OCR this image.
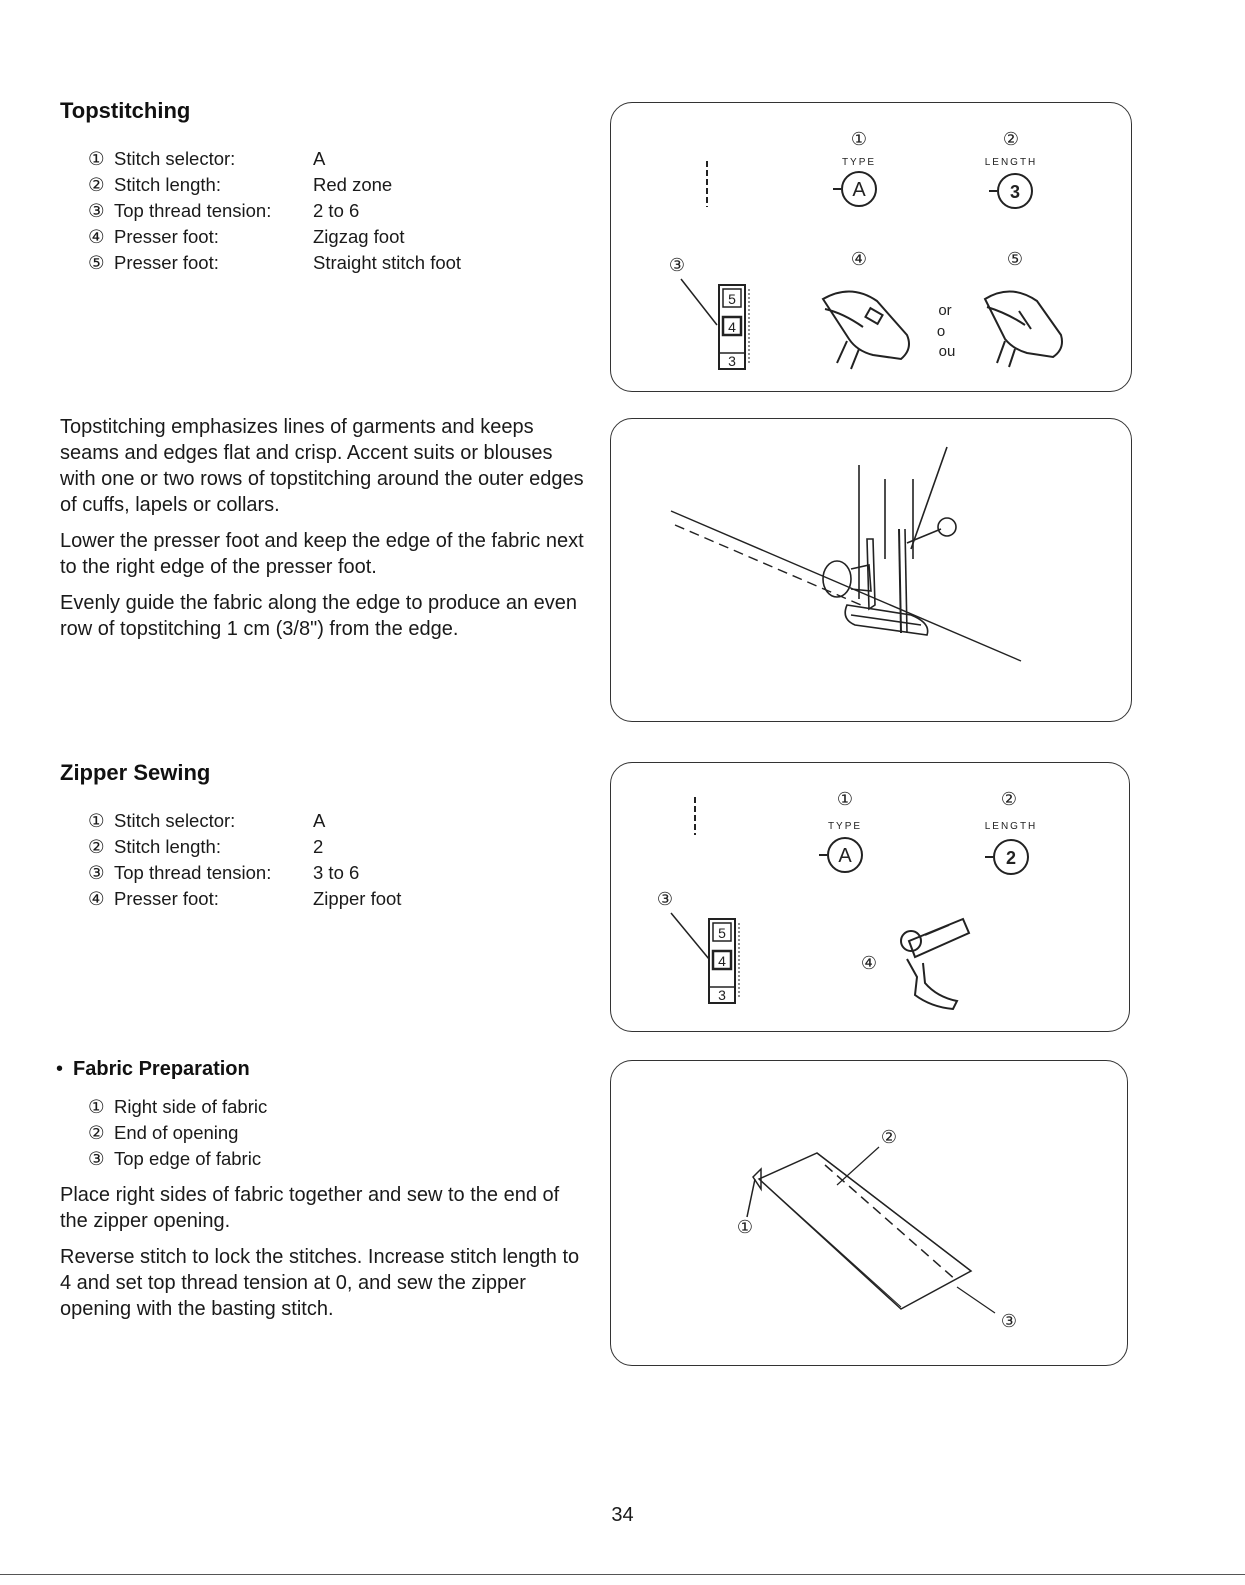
Topstitching
① Stitch selector:	A
② Stitch length:	Red zone
③ Top thread tension: 2 to 6
④ Presser foot:	Zigzag foot
⑤ Presser foot:	Straight stitch foot

Topstitching emphasizes lines of garments and keeps seams and edges flat and crisp. Accent suits or blouses with one or two rows of topstitching around the outer edges of cuffs, lapels or collars.

Lower the presser foot and keep the edge of the fabric next to the right edge of the presser foot.

Evenly guide the fabric along the edge to produce an even row of topstitching 1 cm (3/8") from the edge.

①	②
TYPE
A
LENGTH
3
③	④	⑤
5
4
3
or
o
ou
Zipper Sewing
① Stitch selector:	A
② Stitch length:	2
③ Top thread tension: 3 to 6
④ Presser foot:	Zipper foot
①	②
TYPE
A
LENGTH
2
③
5
4
3
④
• Fabric Preparation
① Right side of fabric
② End of opening
③ Top edge of fabric

Place right sides of fabric together and sew to the end of the zipper opening.

Reverse stitch to lock the stitches. Increase stitch length to 4 and set top thread tension at 0, and sew the zipper opening with the basting stitch.

②
①
③
34
